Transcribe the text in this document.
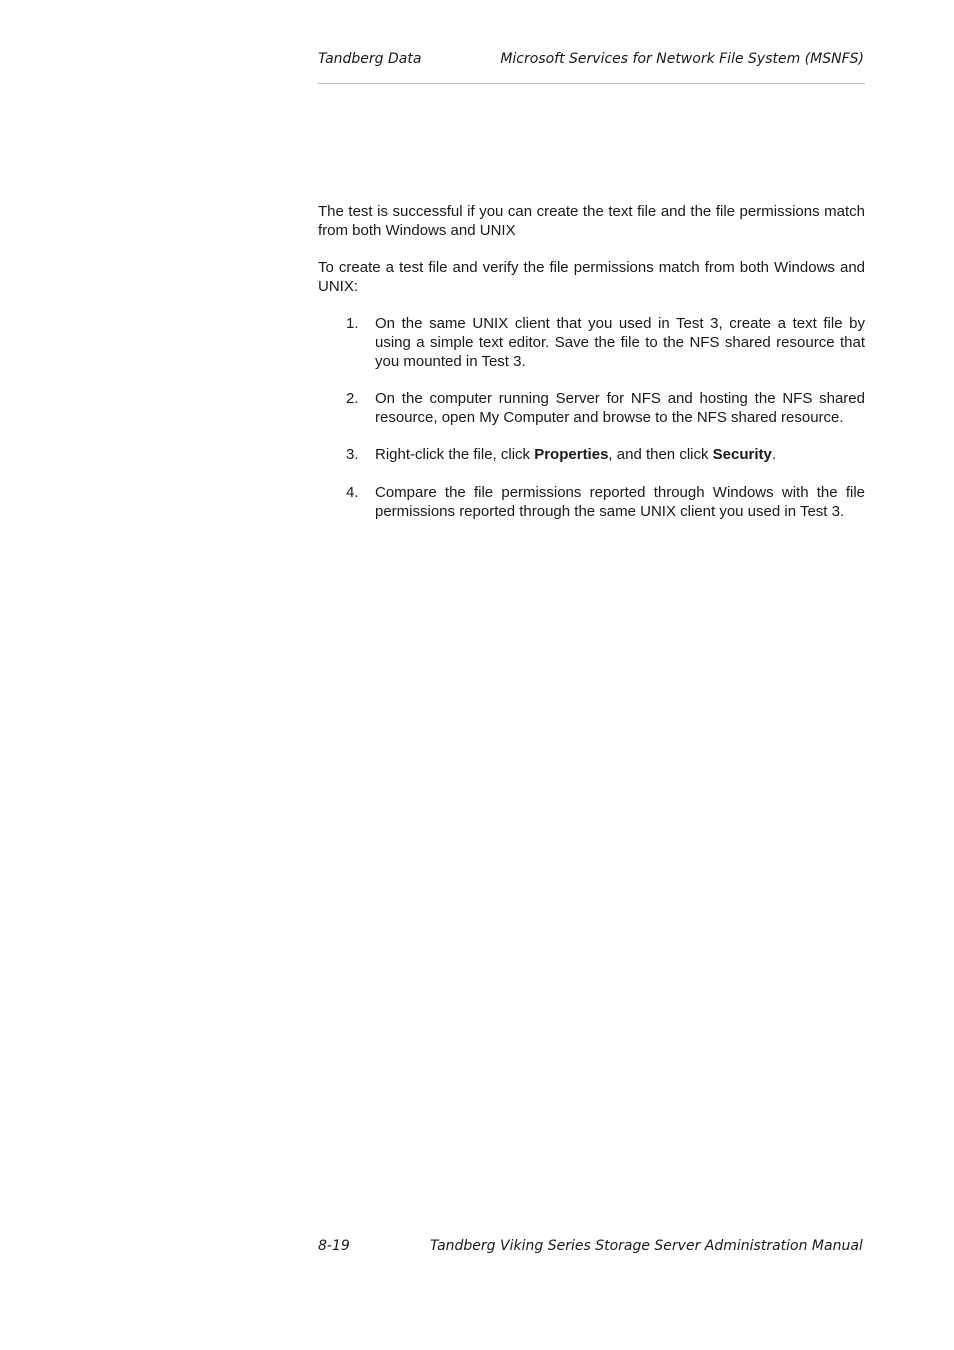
Tandberg Data	Microsoft Services for Network File System (MSNFS)

The test is successful if you can create the text file and the file permissions match from both Windows and UNIX

To create a test file and verify the file permissions match from both Windows and UNIX:

1. On the same UNIX client that you used in Test 3, create a text file by using a simple text editor. Save the file to the NFS shared resource that you mounted in Test 3.
2. On the computer running Server for NFS and hosting the NFS shared resource, open My Computer and browse to the NFS shared resource.
3. Right-click the file, click Properties, and then click Security.
4. Compare the file permissions reported through Windows with the file permissions reported through the same UNIX client you used in Test 3.
8-19	Tandberg Viking Series Storage Server Administration Manual
